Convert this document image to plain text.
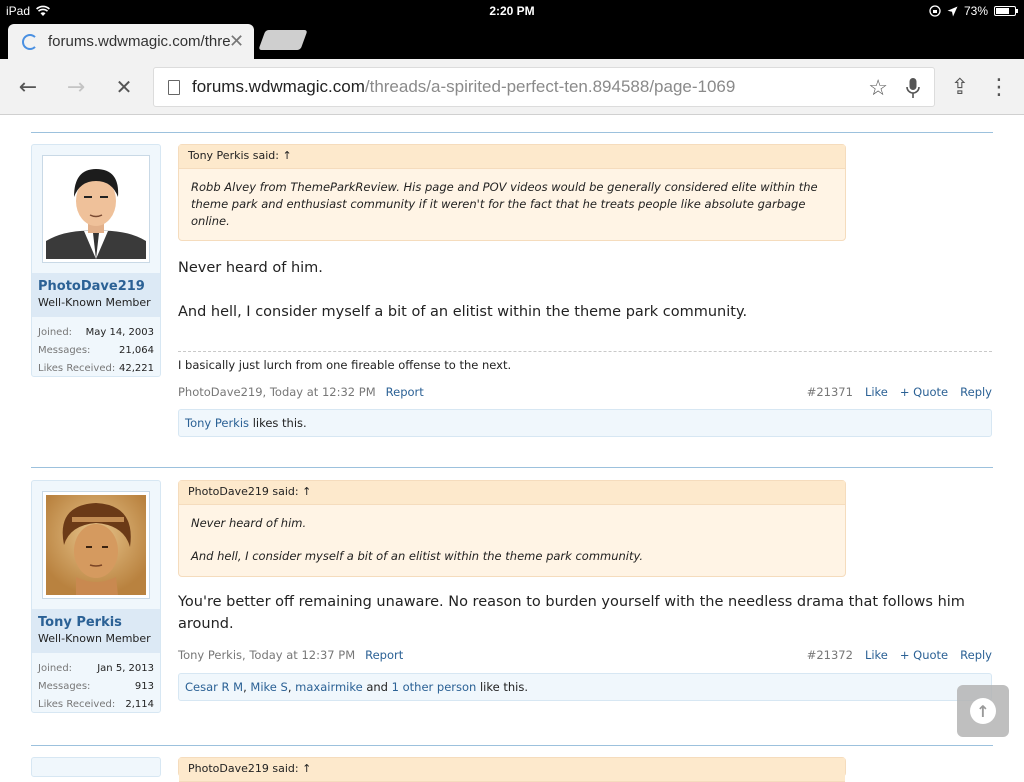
iPad	2:20 PM	73%
forums.wdwmagic.com/thre
✕
← → ✕	forums.wdwmagic.com /threads/a-spirited-perfect-ten.894588/page-1069	☆	⇪ ⋮
PhotoDave219
Well-Known Member
Joined: May 14, 2003
Messages:	21,064
Likes Received: 42,221
Tony Perkis said: ↑

Robb Alvey from ThemeParkReview. His page and POV videos would be generally considered elite within the theme park and enthusiast community if it weren't for the fact that he treats people like absolute garbage online.

Never heard of him.

And hell, I consider myself a bit of an elitist within the theme park community.

I basically just lurch from one fireable offense to the next.
PhotoDave219, Today at 12:32 PM Report	#21371 Like + Quote Reply
Tony Perkis likes this.
Tony Perkis
Well-Known Member
Joined:	Jan 5, 2013
Messages:	913
Likes Received: 2,114
PhotoDave219 said: ↑

Never heard of him.

And hell, I consider myself a bit of an elitist within the theme park community.

You're better off remaining unaware. No reason to burden yourself with the needless drama that follows him around.

Tony Perkis, Today at 12:37 PM Report	#21372 Like + Quote Reply
Cesar R M, Mike S, maxairmike and 1 other person like this.
PhotoDave219 said: ↑
↑
